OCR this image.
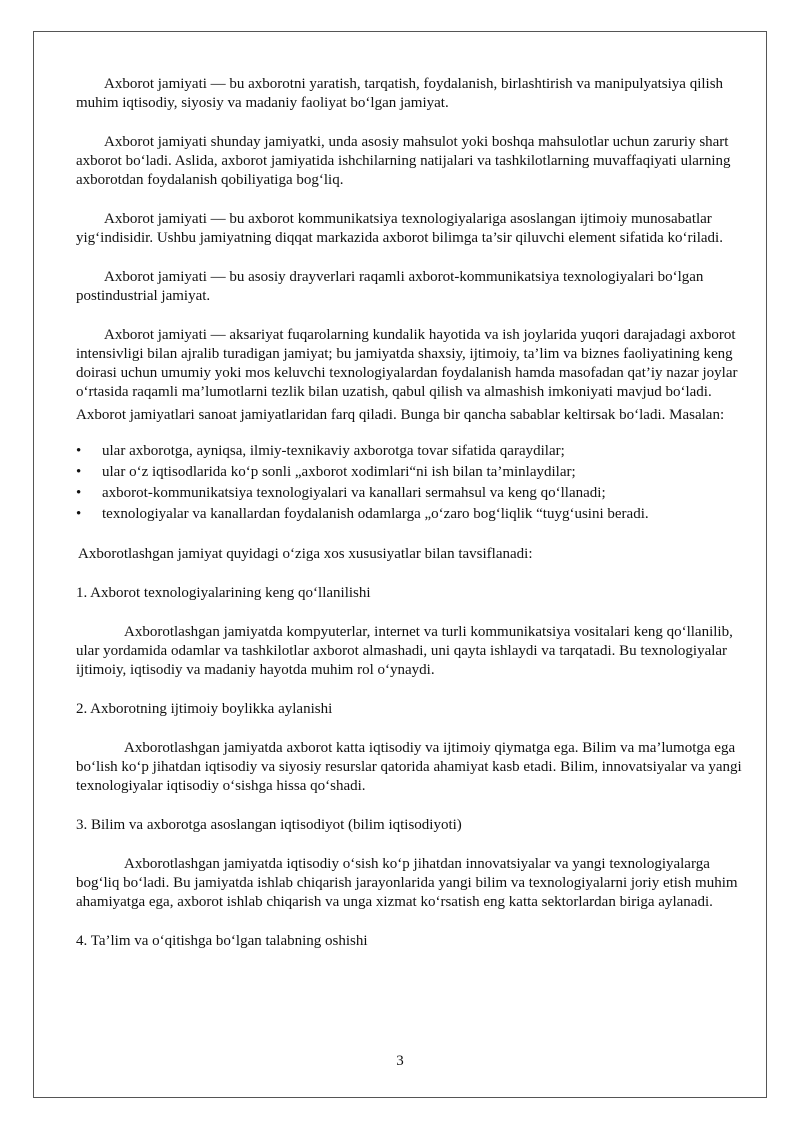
Axborot jamiyati — bu axborotni yaratish, tarqatish, foydalanish, birlashtirish va manipulyatsiya qilish muhim iqtisodiy, siyosiy va madaniy faoliyat bo‘lgan jamiyat.

Axborot jamiyati shunday jamiyatki, unda asosiy mahsulot yoki boshqa mahsulotlar uchun zaruriy shart axborot bo‘ladi. Aslida, axborot jamiyatida ishchilarning natijalari va tashkilotlarning muvaffaqiyati ularning axborotdan foydalanish qobiliyatiga bog‘liq.

Axborot jamiyati — bu axborot kommunikatsiya texnologiyalariga asoslangan ijtimoiy munosabatlar yig‘indisidir. Ushbu jamiyatning diqqat markazida axborot bilimga ta’sir qiluvchi element sifatida ko‘riladi.

Axborot jamiyati — bu asosiy drayverlari raqamli axborot-kommunikatsiya texnologiyalari bo‘lgan postindustrial jamiyat.

Axborot jamiyati — aksariyat fuqarolarning kundalik hayotida va ish joylarida yuqori darajadagi axborot intensivligi bilan ajralib turadigan jamiyat; bu jamiyatda shaxsiy, ijtimoiy, ta’lim va biznes faoliyatining keng doirasi uchun umumiy yoki mos keluvchi texnologiyalardan foydalanish hamda masofadan qat’iy nazar joylar o‘rtasida raqamli ma’lumotlarni tezlik bilan uzatish, qabul qilish va almashish imkoniyati mavjud bo‘ladi.

Axborot jamiyatlari sanoat jamiyatlaridan farq qiladi. Bunga bir qancha sabablar keltirsak bo‘ladi. Masalan:

• ular axborotga, ayniqsa, ilmiy-texnikaviy axborotga tovar sifatida qaraydilar;
• ular o‘z iqtisodlarida ko‘p sonli „axborot xodimlari“ni ish bilan ta’minlaydilar;
• axborot-kommunikatsiya texnologiyalari va kanallari sermahsul va keng qo‘llanadi;
• texnologiyalar va kanallardan foydalanish odamlarga „o‘zaro bog‘liqlik “tuyg‘usini beradi.

Axborotlashgan jamiyat quyidagi o‘ziga xos xususiyatlar bilan tavsiflanadi:

1. Axborot texnologiyalarining keng qo‘llanilishi

Axborotlashgan jamiyatda kompyuterlar, internet va turli kommunikatsiya vositalari keng qo‘llanilib, ular yordamida odamlar va tashkilotlar axborot almashadi, uni qayta ishlaydi va tarqatadi. Bu texnologiyalar ijtimoiy, iqtisodiy va madaniy hayotda muhim rol o‘ynaydi.

2. Axborotning ijtimoiy boylikka aylanishi

Axborotlashgan jamiyatda axborot katta iqtisodiy va ijtimoiy qiymatga ega. Bilim va ma’lumotga ega bo‘lish ko‘p jihatdan iqtisodiy va siyosiy resurslar qatorida ahamiyat kasb etadi. Bilim, innovatsiyalar va yangi texnologiyalar iqtisodiy o‘sishga hissa qo‘shadi.

3. Bilim va axborotga asoslangan iqtisodiyot (bilim iqtisodiyoti)

Axborotlashgan jamiyatda iqtisodiy o‘sish ko‘p jihatdan innovatsiyalar va yangi texnologiyalarga bog‘liq bo‘ladi. Bu jamiyatda ishlab chiqarish jarayonlarida yangi bilim va texnologiyalarni joriy etish muhim ahamiyatga ega, axborot ishlab chiqarish va unga xizmat ko‘rsatish eng katta sektorlardan biriga aylanadi.

4. Ta’lim va o‘qitishga bo‘lgan talabning oshishi

3
